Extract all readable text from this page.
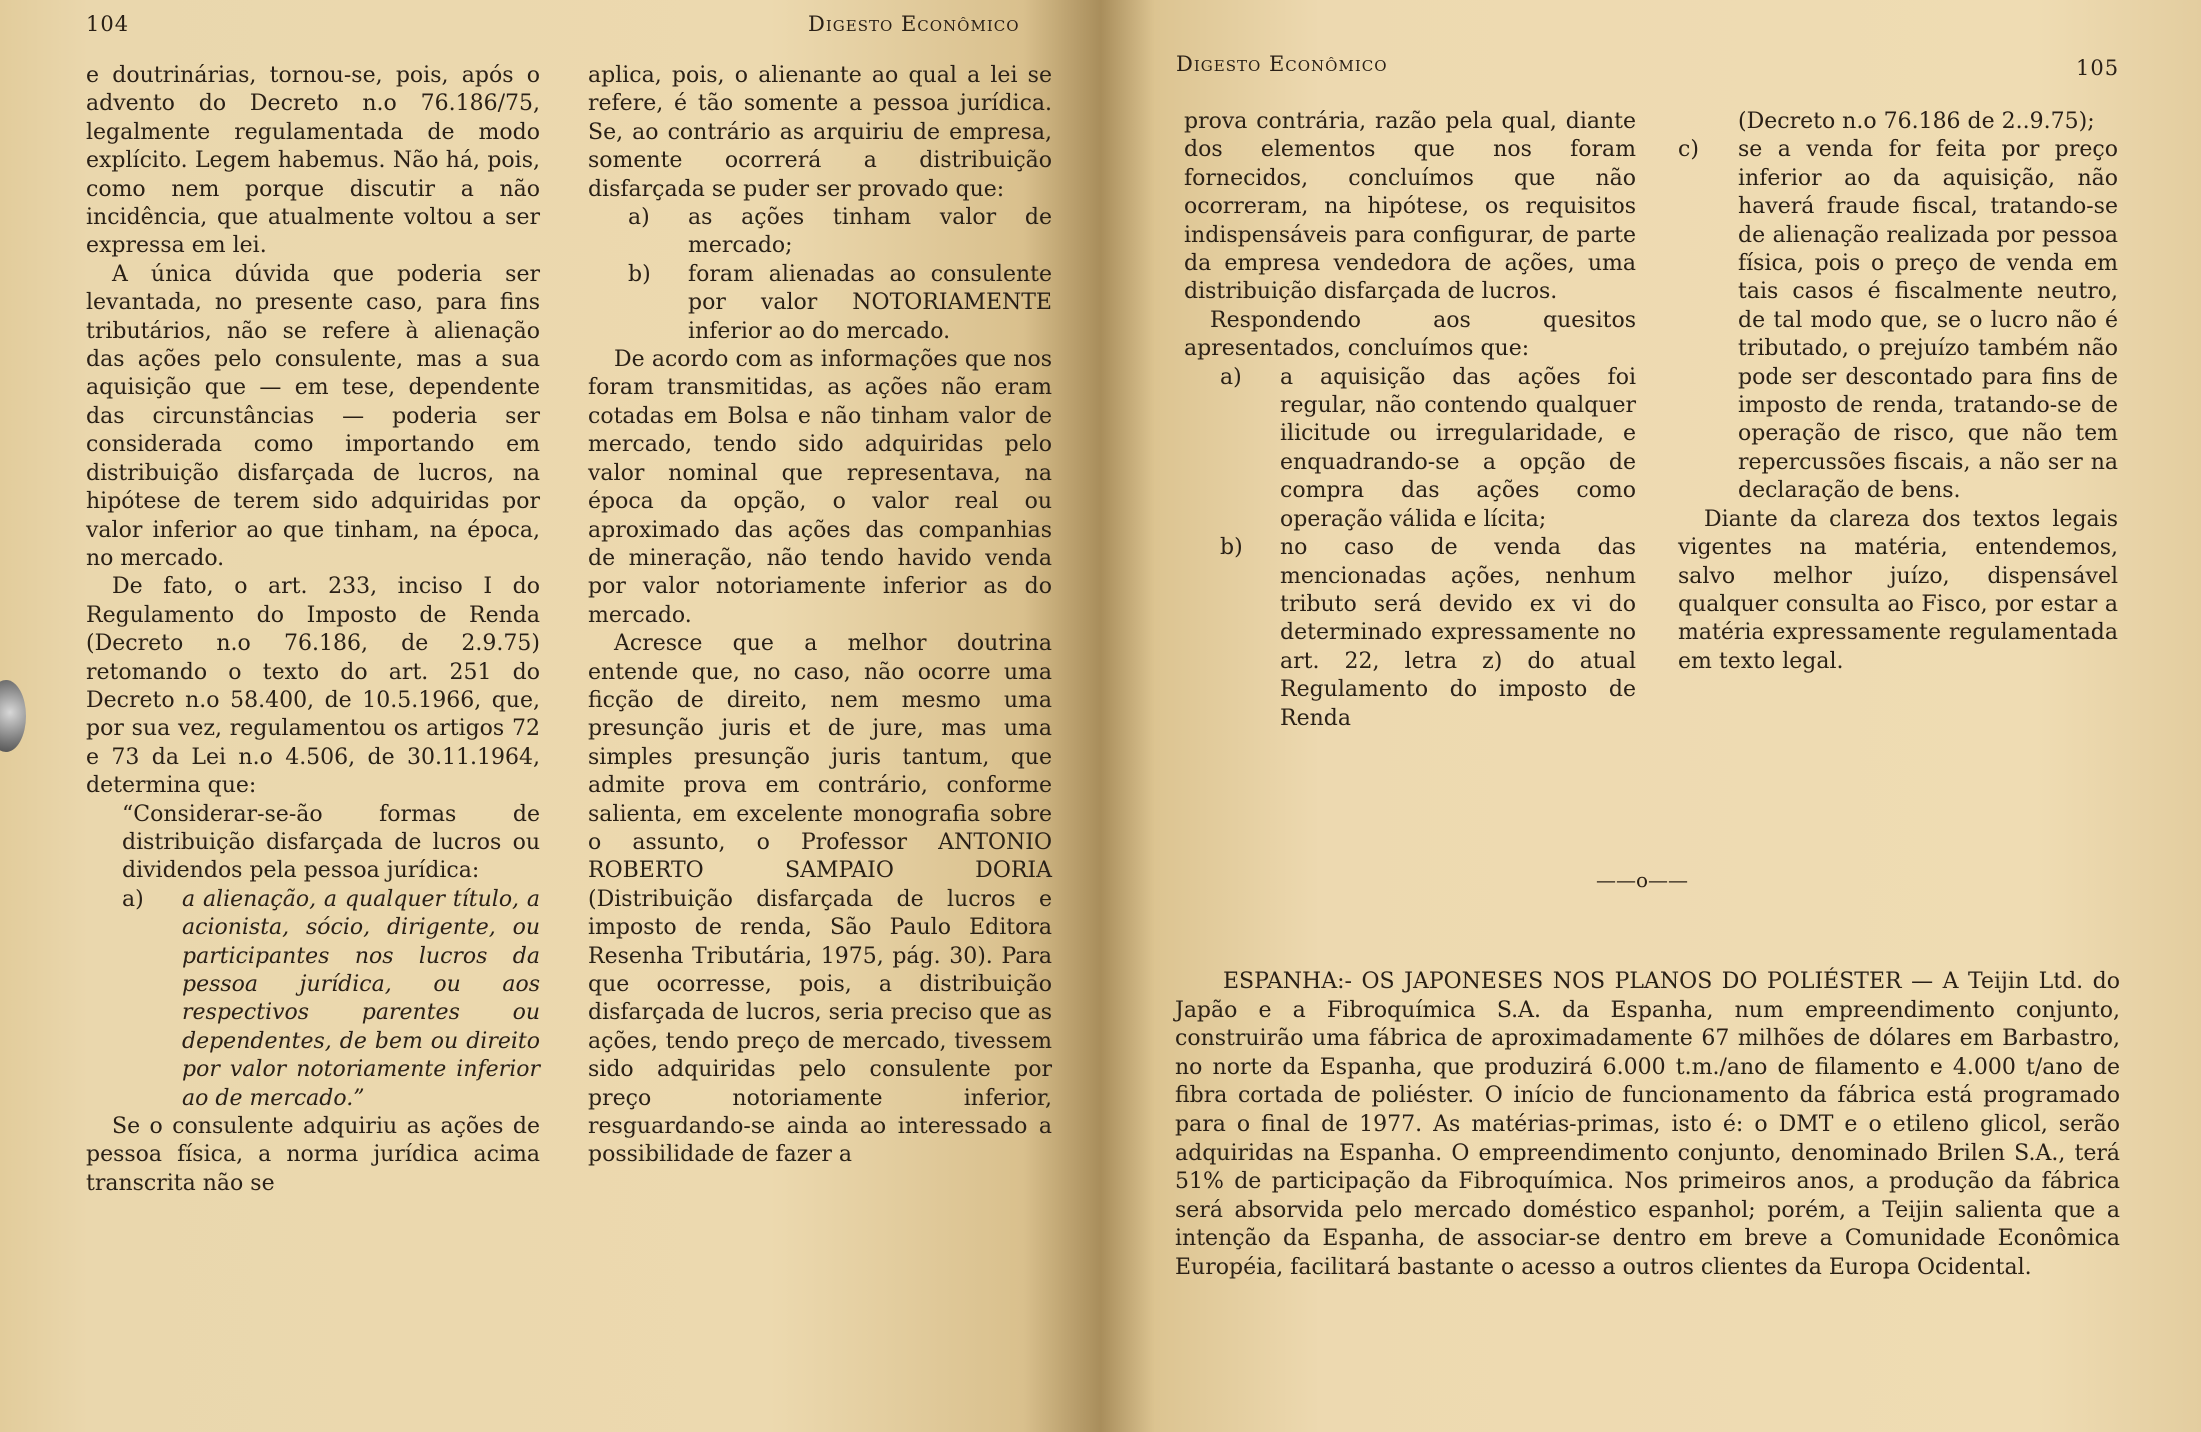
104	Digesto Econômico

e doutrinárias, tornou-se, pois, após o advento do Decreto n.o 76.186/75, legalmente regulamentada de modo explícito. Legem habemus. Não há, pois, como nem porque discutir a não incidência, que atualmente voltou a ser expressa em lei.

A única dúvida que poderia ser levantada, no presente caso, para fins tributários, não se refere à alienação das ações pelo consulente, mas a sua aquisição que — em tese, dependente das circunstâncias — poderia ser considerada como importando em distribuição disfarçada de lucros, na hipótese de terem sido adquiridas por valor inferior ao que tinham, na época, no mercado.

De fato, o art. 233, inciso I do Regulamento do Imposto de Renda (Decreto n.o 76.186, de 2.9.75) retomando o texto do art. 251 do Decreto n.o 58.400, de 10.5.1966, que, por sua vez, regulamentou os artigos 72 e 73 da Lei n.o 4.506, de 30.11.1964, determina que:

“Considerar-se-ão formas de distribuição disfarçada de lucros ou dividendos pela pessoa jurídica:

a)	a alienação, a qualquer título, a acionista, sócio, dirigente, ou participantes nos lucros da pessoa jurídica, ou aos respectivos parentes ou dependentes, de bem ou direito por valor notoriamente inferior ao de mercado.”

Se o consulente adquiriu as ações de pessoa física, a norma jurídica acima transcrita não se

aplica, pois, o alienante ao qual a lei se refere, é tão somente a pessoa jurídica. Se, ao contrário as arquiriu de empresa, somente ocorrerá a distribuição disfarçada se puder ser provado que:

a)	as ações tinham valor de mercado;
b)	foram alienadas ao consulente por valor NOTORIAMENTE inferior ao do mercado.

De acordo com as informações que nos foram transmitidas, as ações não eram cotadas em Bolsa e não tinham valor de mercado, tendo sido adquiridas pelo valor nominal que representava, na época da opção, o valor real ou aproximado das ações das companhias de mineração, não tendo havido venda por valor notoriamente inferior as do mercado.

Acresce que a melhor doutrina entende que, no caso, não ocorre uma ficção de direito, nem mesmo uma presunção juris et de jure, mas uma simples presunção juris tantum, que admite prova em contrário, conforme salienta, em excelente monografia sobre o assunto, o Professor ANTONIO ROBERTO SAMPAIO DORIA (Distribuição disfarçada de lucros e imposto de renda, São Paulo Editora Resenha Tributária, 1975, pág. 30). Para que ocorresse, pois, a distribuição disfarçada de lucros, seria preciso que as ações, tendo preço de mercado, tivessem sido adquiridas pelo consulente por preço notoriamente inferior, resguardando-se ainda ao interessado a possibilidade de fazer a

Digesto Econômico	105

prova contrária, razão pela qual, diante dos elementos que nos foram fornecidos, concluímos que não ocorreram, na hipótese, os requisitos indispensáveis para configurar, de parte da empresa vendedora de ações, uma distribuição disfarçada de lucros.

Respondendo aos quesitos apresentados, concluímos que:

a)	a aquisição das ações foi regular, não contendo qualquer ilicitude ou irregularidade, e enquadrando-se a opção de compra das ações como operação válida e lícita;
b)	no caso de venda das mencionadas ações, nenhum tributo será devido ex vi do determinado expressamente no art. 22, letra z) do atual Regulamento do imposto de Renda

(Decreto n.o 76.186 de 2..9.75);

c)	se a venda for feita por preço inferior ao da aquisição, não haverá fraude fiscal, tratando-se de alienação realizada por pessoa física, pois o preço de venda em tais casos é fiscalmente neutro, de tal modo que, se o lucro não é tributado, o prejuízo também não pode ser descontado para fins de imposto de renda, tratando-se de operação de risco, que não tem repercussões fiscais, a não ser na declaração de bens.

Diante da clareza dos textos legais vigentes na matéria, entendemos, salvo melhor juízo, dispensável qualquer consulta ao Fisco, por estar a matéria expressamente regulamentada em texto legal.

——o——

ESPANHA:- OS JAPONESES NOS PLANOS DO POLIÉSTER — A Teijin Ltd. do Japão e a Fibroquímica S.A. da Espanha, num empreendimento conjunto, construirão uma fábrica de aproximadamente 67 milhões de dólares em Barbastro, no norte da Espanha, que produzirá 6.000 t.m./ano de filamento e 4.000 t/ano de fibra cortada de poliéster. O início de funcionamento da fábrica está programado para o final de 1977. As matérias-primas, isto é: o DMT e o etileno glicol, serão adquiridas na Espanha. O empreendimento conjunto, denominado Brilen S.A., terá 51% de participação da Fibroquímica. Nos primeiros anos, a produção da fábrica será absorvida pelo mercado doméstico espanhol; porém, a Teijin salienta que a intenção da Espanha, de associar-se dentro em breve a Comunidade Econômica Européia, facilitará bastante o acesso a outros clientes da Europa Ocidental.
